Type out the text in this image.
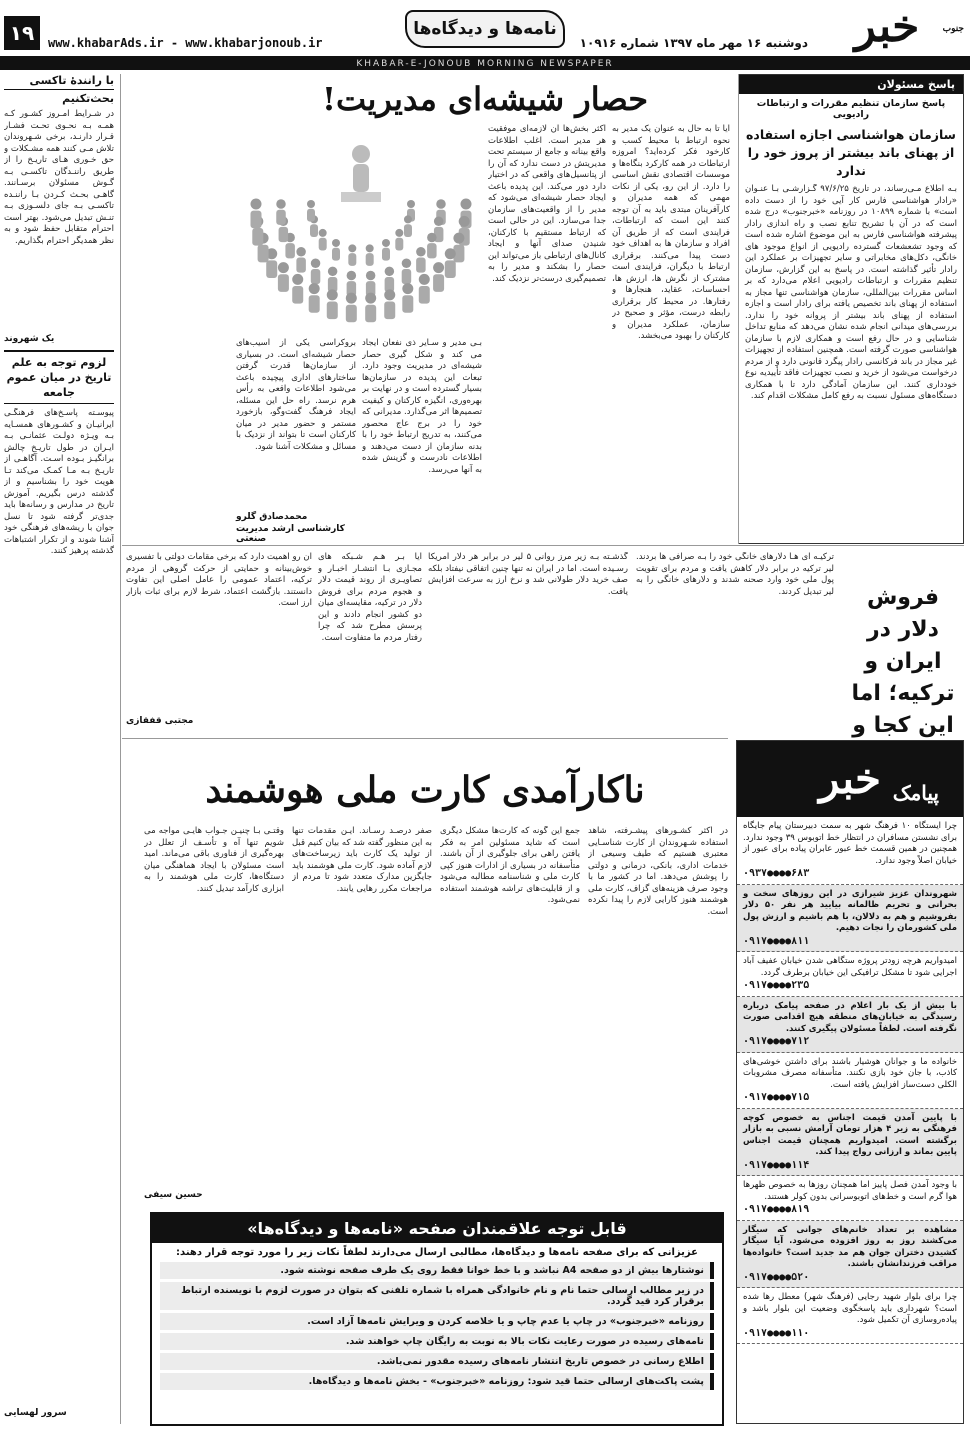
خبر	جنوب
دوشنبه ۱۶ مهر ماه ۱۳۹۷ شماره ۱۰۹۱۶
نامه‌ها و دیدگاه‌ها
www.khabarAds.ir - www.khabarjonoub.ir
۱۹
KHABAR-E-JONOUB MORNING NEWSPAPER
پاسخ مسئولان
پاسخ سازمان تنظیم مقررات و ارتباطات رادیویی
سازمان هواشناسی اجازه استفاده از پهنای باند بیشتر از پروز خود را ندارد
بـه اطلاع مـی‌رساند، در تاریخ ۹۷/۶/۲۵ گـزارشـی بـا عنـوان «رادار هواشناسی فارس کار آیی خود را از دست داده است» با شماره ۱۰۸۹۹ در روزنامه «خبرجنوب» درج شده است که در آن با تشریح تنابع نصب و راه اندازی رادار پیشرفته هواشناسی فارس به این موضوع اشاره شده است که وجود تشعشعات گسترده رادیویی از انواع موجود های خانگی، دکل‌های مخابراتی و سایر تجهیزات بر عملکرد این رادار تأثیر گذاشته است. در پاسخ به این گزارش، سازمان تنظیم مقررات و ارتباطات رادیویی اعلام می‌دارد که بر اساس مقررات بین‌المللی، سازمان هواشناسی تنها مجاز به استفاده از پهنای باند تخصیص یافته برای رادار است و اجازه استفاده از پهنای باند بیشتر از پروانه خود را ندارد. بررسی‌های میدانی انجام شده نشان می‌دهد که منابع تداخل شناسایی و در حال رفع است و همکاری لازم با سازمان هواشناسی صورت گرفته است. همچنین استفاده از تجهیزات غیر مجاز در باند فرکانسی رادار پیگرد قانونی دارد و از مردم درخواست می‌شود از خرید و نصب تجهیزات فاقد تأییدیه نوع خودداری کنند. این سازمان آمادگی دارد تا با همکاری دستگاه‌های مسئول نسبت به رفع کامل مشکلات اقدام کند.
حصار شیشه‌ای مدیریت!
آیا تا به حال به عنوان یک مدیر به نحوه ارتباط با محیط کسب و کارخود فکر کرده‌اید؟ امروزه ارتباطات در همه کارکرد بنگاه‌ها و موسسات اقتصادی نقش اساسی را دارد. از این رو، یکی از نکات مهمی که همه مدیران و کارآفرینان مبتدی باید به آن توجه کنند این است که ارتباطات، فرایندی است که از طریق آن افراد و سازمان ها به اهداف خود دست پیدا می‌کنند. برقراری ارتباط با دیگران، فرایندی است مشترک از نگرش ها، ارزش ها، احساسات، عقاید، هنجارها و رفتارها. در محیط کار برقراری رابطه درست، مؤثر و صحیح در سازمان، عملکرد مدیران و کارکنان را بهبود می‌بخشد.
اکثر بخش‌ها آن لازمه‌ای موفقیت هر مدیر است. اغلب اطلاعات واقع بینانه و جامع از سیستم تحت مدیریتش در دست ندارد که آن را از پتانسیل‌های واقعی که در اختیار دارد دور می‌کند. این پدیده باعث ایجاد حصار شیشه‌ای می‌شود که مدیر را از واقعیت‌های سازمان جدا می‌سازد. این در حالی است که ارتباط مستقیم با کارکنان، شنیدن صدای آنها و ایجاد کانال‌های ارتباطی باز می‌تواند این حصار را بشکند و مدیر را به تصمیم‌گیری درست‌تر نزدیک کند.
بـی مدیر و سـایر ذی نفعان ایجاد می کند و شکل گیری حصار شیشه‌ای در مدیریت وجود دارد. تبعات این پدیده در سازمان‌ها بسیار گسترده است و در نهایت بر بهره‌وری، انگیزه کارکنان و کیفیت تصمیم‌ها اثر می‌گذارد. مدیرانی که خود را در برج عاج محصور می‌کنند، به تدریج ارتباط خود را با بدنه سازمان از دست می‌دهند و اطلاعات نادرست و گزینش شده به آنها می‌رسد.
بروکراسی یکی از آسیب‌های حصار شیشه‌ای است. در بسیاری از سازمان‌ها قدرت گرفتن ساختارهای اداری پیچیده باعث می‌شود اطلاعات واقعی به رأس هرم نرسد. راه حل این مسئله، ایجاد فرهنگ گفت‌وگو، بازخورد مستمر و حضور مدیر در میان کارکنان است تا بتواند از نزدیک با مسائل و مشکلات آشنا شود.
محمدصادق گلرو
کارشناسی ارشد مدیریت صنعتی
با رانندۀ تاکسی
بحث‌تکنیم
در شـرایط امـروز کشـور کـه همـه بـه نحـوی تحـت فشـار قـرار دارنـد، برخی شـهروندان تلاش مـی کنند همه مشـکلات و حق خـوری هـای تاریـخ را از طریق راننـدگان تاکسـی بـه گـوش مسئولان برسـانند. گاهـی بحـث کـردن بـا راننـده تاکسـی بـه جای دلسـوزی بـه تنـش تبدیل می‌شود. بهتر است احترام متقابل حفظ شود و به نظر همدیگر احترام بگذاریم.
یک شهروند
لزوم توجه به علم تاریخ در میان عموم جامعه
پیوسـته پاسـخ‌های فرهنگـی ایرانیـان و کشـورهای همسـایه بـه ویـژه دولـت عثمانـی بـه ایـران در طول تاریـخ چالش برانگیـز بـوده اسـت. آگاهـی از تاریـخ بـه مـا کمـک می‌کند تـا هویت خود را بشناسیم و از گذشته درس بگیریم. آموزش تاریخ در مدارس و رسانه‌ها باید جدی‌تر گرفته شود تا نسل جوان با ریشه‌های فرهنگی خود آشنا شوند و از تکرار اشتباهات گذشته پرهیز کنند.
سرور لهسایی
فروش دلار در ایران و ترکیه؛ اما این کجا و
ترکیـه ای هـا دلارهای خانگی خود را بـه صرافی ها بردند. لیر ترکیه در برابر دلار کاهش یافت و مردم برای تقویت پول ملی خود وارد صحنه شدند و دلارهای خانگی را به لیر تبدیل کردند.
گذشـته بـه زیر مرز روانی ۵ لیر در برابر هر دلار آمریکا رسـیده است. اما در ایران نه تنها چنین اتفاقی نیفتاد بلکه صف خرید دلار طولانی شد و نرخ ارز به سرعت افزایش یافت.
آیا بـر هـم شـبکه های مجـازی بـا انتشـار اخبـار و تصاویـری از روند قیمت دلار و هجوم مردم برای فروش دلار در ترکیه، مقایسه‌ای میان دو کشور انجام دادند و این پرسش مطرح شد که چرا رفتار مردم ما متفاوت است.
آن رو اهمیت دارد که برخی مقامات دولتی با تفسیری خوش‌بینانه و حمایتی از حرکت گروهی از مردم ترکیه، اعتماد عمومی را عامل اصلی این تفاوت دانستند. بازگشت اعتماد، شرط لازم برای ثبات بازار ارز است.
مجتبی قفقازی
ناکارآمدی کارت ملی هوشمند
در اکثر کشـورهای پیشـرفته، شاهد استفاده شـهروندان از کارت شناسـایی معتبری هستیم که طیف وسیعی از خدمات اداری، بانکی، درمانی و دولتی را پوشش می‌دهد. اما در کشور ما با وجود صرف هزینه‌های گزاف، کارت ملی هوشمند هنوز کارایی لازم را پیدا نکرده است.
جمع این گونه که کارت‌ها مشکل دیگری است که شاید مسئولین امر به فکر یافتن راهی برای جلوگیری از آن باشند. متأسفانه در بسیاری از ادارات هنوز کپی کارت ملی و شناسنامه مطالبه می‌شود و از قابلیت‌های تراشه هوشمند استفاده نمی‌شود.
صفر درصـد رسـاند. ایـن مقدمات تنها به این منظور گفته شد که بیان کنیم قبل از تولید یک کارت باید زیرساخت‌های لازم آماده شود. کارت ملی هوشمند باید جایگزین مدارک متعدد شود تا مردم از مراجعات مکرر رهایی یابند.
وقتـی بـا چنیـن جـواب هایـی مواجه می شویم تنها آه و تأسـف از تعلل در بهره‌گیری از فناوری باقی می‌ماند. امید است مسئولان با ایجاد هماهنگی میان دستگاه‌ها، کارت ملی هوشمند را به ابزاری کارآمد تبدیل کنند.
حسین سیفی
پیامک
خبر
چرا ایستگاه ۱۰ فرهنگ شهر به سمت دبیرستان پیام جایگاه برای نشستن مسافران در انتظار خط اتوبوس ۳۹ وجود ندارد. همچنین در همین قسمت خط عبور عابران پیاده برای عبور از خیابان اصلاً وجود ندارد.
۰۹۳۷●●●●۶۸۳
شهروندان عزیز شیرازی در این روزهای سخت و بحرانی و تحریم ظالمانه بیایید هر نفر ۵۰ دلار بفروشیم و هم به دلالان، با هم باشیم و ارزش پول ملی کشورمان را نجات دهیم.
۰۹۱۷●●●●۸۱۱
امیدواریم هرچه زودتر پروژه ستگاهی شدن خیابان عفیف آباد اجرایی شود تا مشکل ترافیکی این خیابان برطرف گردد.
۰۹۱۷●●●●۲۳۵
با بیش از یک بار اعلام در صفحه پیامک درباره رسیدگی به خیابان‌های منطقه هیچ اقدامی صورت نگرفته است. لطفاً مسئولان پیگیری کنند.
۰۹۱۷●●●●۷۱۲
خانواده ما و جوانان هوشیار باشند برای داشتن خوشی‌های کاذب، با جان خود بازی نکنند. متأسفانه مصرف مشروبات الکلی دست‌ساز افزایش یافته است.
۰۹۱۷●●●●۷۱۵
با پایین آمدن قیمت اجناس به خصوص کوچه فرهنگی به زیر ۴ هزار تومان آرامش نسبی به بازار برگشته است. امیدواریم همچنان قیمت اجناس پایین بماند و ارزانی رواج پیدا کند.
۰۹۱۷●●●●۱۱۴
با وجود آمدن فصل پاییز اما همچنان روزها به خصوص ظهرها هوا گرم است و خط‌های اتوبوسرانی بدون کولر هستند.
۰۹۱۷●●●●۸۱۹
مشاهده بر تعداد خانم‌های جوانی که سیگار می‌کشند روز به روز افزوده می‌شود. آیا سیگار کشیدن دختران جوان هم مد جدید است؟ خانواده‌ها مراقب فرزندانشان باشند.
۰۹۱۷●●●●۵۲۰
چرا برای بلوار شهید رجایی (فرهنگ شهر) معطل رها شده است؟ شهرداری باید پاسخگوی وضعیت این بلوار باشد و پیاده‌روسازی آن تکمیل شود.
۰۹۱۷●●●●۱۱۰
قابل توجه علاقمندان صفحه «نامه‌ها و دیدگاه‌ها»
عزیزانی که برای صفحه نامه‌ها و دیدگاه‌ها، مطالبی ارسال می‌دارند لطفاً نکات زیر را مورد توجه قرار دهند:
نوشتارها بیش از دو صفحه A4 نباشد و با خط خوانا فقط روی یک طرف صفحه نوشته شود.
در زیر مطالب ارسالی حتما نام و نام خانوادگی همراه با شماره تلفنی که بتوان در صورت لزوم با نویسنده ارتباط برقرار کرد قید گردد.
روزنامه «خبرجنوب» در چاپ یا عدم چاپ و یا خلاصه کردن و ویرایش نامه‌ها آزاد است.
نامه‌های رسیده در صورت رعایت نکات بالا به نوبت به رایگان چاپ خواهند شد.
اطلاع رسانی در خصوص تاریخ انتشار نامه‌های رسیده مقدور نمی‌باشد.
پشت پاکت‌های ارسالی حتما قید شود: روزنامه «خبرجنوب» - بخش نامه‌ها و دیدگاه‌ها.
